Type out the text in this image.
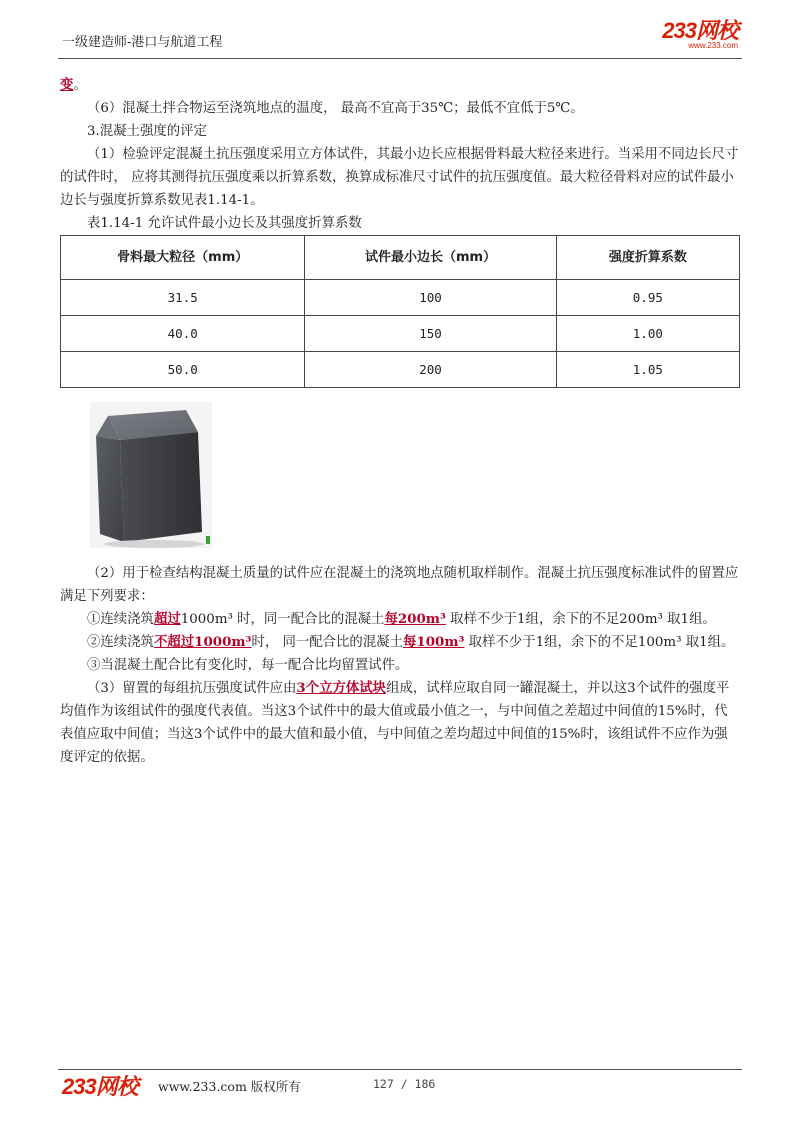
一级建造师-港口与航道工程	233网校
www.233.com

变。

（6）混凝土拌合物运至浇筑地点的温度， 最高不宜高于35℃；最低不宜低于5℃。

3.混凝土强度的评定

（1）检验评定混凝土抗压强度采用立方体试件，其最小边长应根据骨料最大粒径来进行。当采用不同边长尺寸的试件时， 应将其测得抗压强度乘以折算系数，换算成标准尺寸试件的抗压强度值。最大粒径骨料对应的试件最小边长与强度折算系数见表1.14-1。

表1.14-1 允许试件最小边长及其强度折算系数

骨料最大粒径（mm）	试件最小边长（mm）	强度折算系数
31.5	100	0.95
40.0	150	1.00
50.0	200	1.05

（2）用于检查结构混凝土质量的试件应在混凝土的浇筑地点随机取样制作。混凝土抗压强度标准试件的留置应满足下列要求：

①连续浇筑超过1000m³ 时，同一配合比的混凝土每200m³ 取样不少于1组，余下的不足200m³ 取1组。

②连续浇筑不超过1000m³时， 同一配合比的混凝土每100m³ 取样不少于1组，余下的不足100m³ 取1组。

③当混凝土配合比有变化时，每一配合比均留置试件。

（3）留置的每组抗压强度试件应由3个立方体试块组成，试样应取自同一罐混凝土，并以这3个试件的强度平均值作为该组试件的强度代表值。当这3个试件中的最大值或最小值之一，与中间值之差超过中间值的15%时，代表值应取中间值；当这3个试件中的最大值和最小值，与中间值之差均超过中间值的15%时，该组试件不应作为强度评定的依据。

233网校 www.233.com 版权所有	127 / 186
